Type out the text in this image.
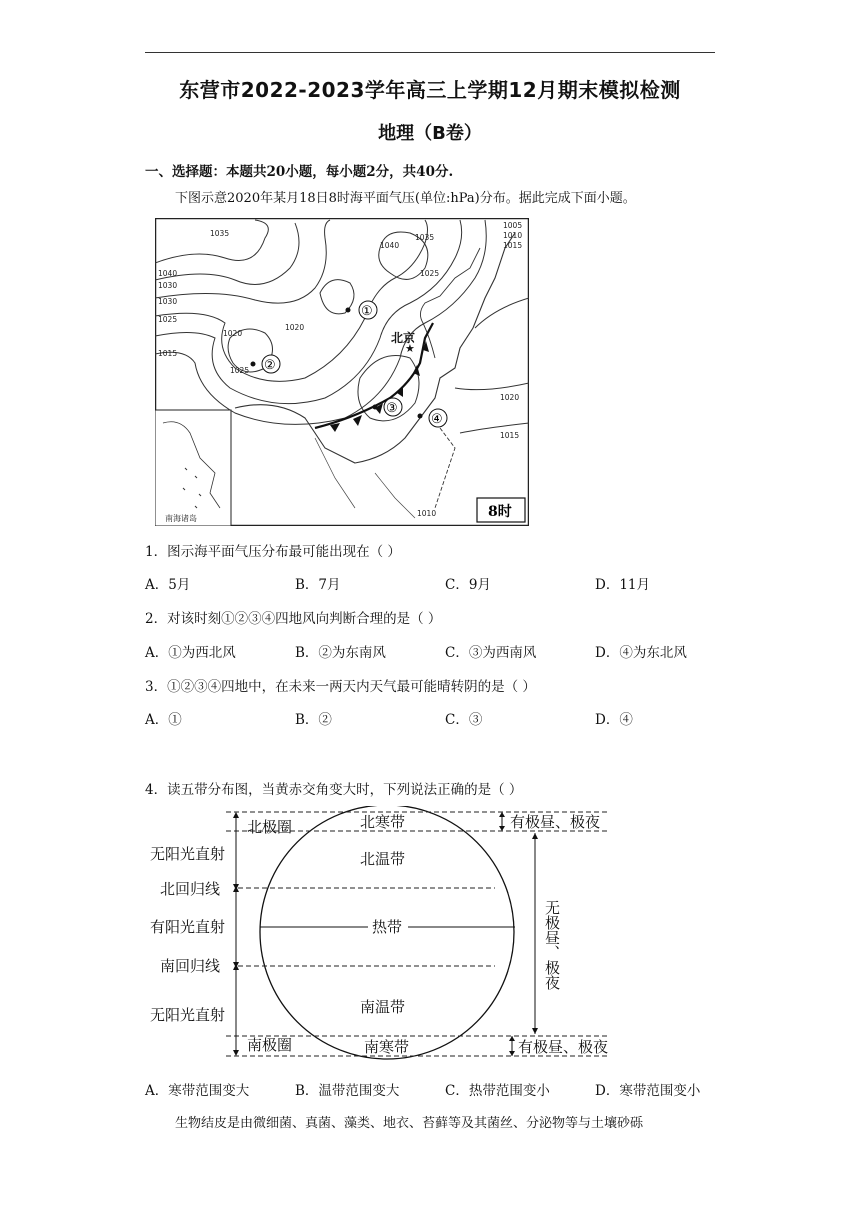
东营市2022-2023学年高三上学期12月期末模拟检测
地理（B卷）
一、选择题：本题共20小题，每小题2分，共40分.
下图示意2020年某月18日8时海平面气压(单位:hPa)分布。据此完成下面小题。
南海诸岛
北京
★
①
②
③
④
1035
1040
1030
1040
1035
1030
1025
1020
1015
1025
1020
1025
1005
1010
1015
1020
1015
1010	8时
1．图示海平面气压分布最可能出现在（ ）
A．5月	B．7月	C．9月	D．11月
2．对该时刻①②③④四地风向判断合理的是（ ）
A．①为西北风	B．②为东南风	C．③为西南风	D．④为东北风
3．①②③④四地中，在未来一两天内天气最可能晴转阴的是（ ）
A．①	B．②	C．③	D．④
4．读五带分布图，当黄赤交角变大时，下列说法正确的是（ ）
北极圈
无阳光直射
北回归线
有阳光直射
南回归线
无阳光直射
南极圈
北寒带
北温带
热带
南温带
南寒带
有极昼、极夜
有极昼、极夜
无极昼、极夜
A．寒带范围变大	B．温带范围变大	C．热带范围变小	D．寒带范围变小
生物结皮是由微细菌、真菌、藻类、地衣、苔藓等及其菌丝、分泌物等与土壤砂砾
